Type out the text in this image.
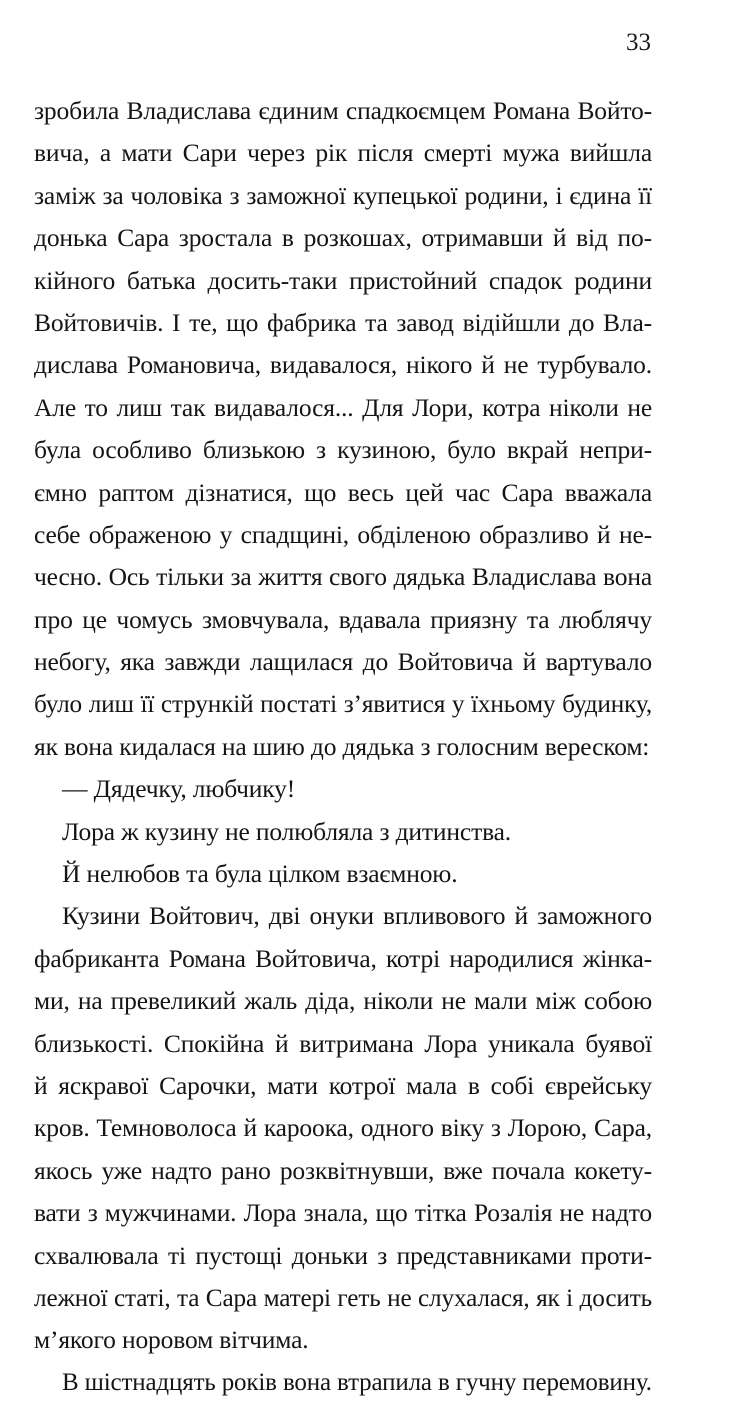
33
зробила Владислава єдиним спадкоємцем Романа Войто-
вича, а мати Сари через рік після смерті мужа вийшла
заміж за чоловіка з заможної купецької родини, і єдина її
донька Сара зростала в розкошах, отримавши й від по-
кійного батька досить-таки пристойний спадок родини
Войтовичів. І те, що фабрика та завод відійшли до Вла-
дислава Романовича, видавалося, нікого й не турбувало.
Але то лиш так видавалося... Для Лори, котра ніколи не
була особливо близькою з кузиною, було вкрай непри-
ємно раптом дізнатися, що весь цей час Сара вважала
себе ображеною у спадщині, обділеною образливо й не-
чесно. Ось тільки за життя свого дядька Владислава вона
про це чомусь змовчувала, вдавала приязну та люблячу
небогу, яка завжди лащилася до Войтовича й вартувало
було лиш її стрункій постаті з’явитися у їхньому будинку,
як вона кидалася на шию до дядька з голосним вереском:
— Дядечку, любчику!
Лора ж кузину не полюбляла з дитинства.
Й нелюбов та була цілком взаємною.
Кузини Войтович, дві онуки впливового й заможного
фабриканта Романа Войтовича, котрі народилися жінка-
ми, на превеликий жаль діда, ніколи не мали між собою
близькості. Спокійна й витримана Лора уникала буявої
й яскравої Сарочки, мати котрої мала в собі єврейську
кров. Темноволоса й кароока, одного віку з Лорою, Сара,
якось уже надто рано розквітнувши, вже почала кокету-
вати з мужчинами. Лора знала, що тітка Розалія не надто
схвалювала ті пустощі доньки з представниками проти-
лежної статі, та Сара матері геть не слухалася, як і досить
м’якого норовом вітчима.
В шістнадцять років вона втрапила в гучну перемовину.
